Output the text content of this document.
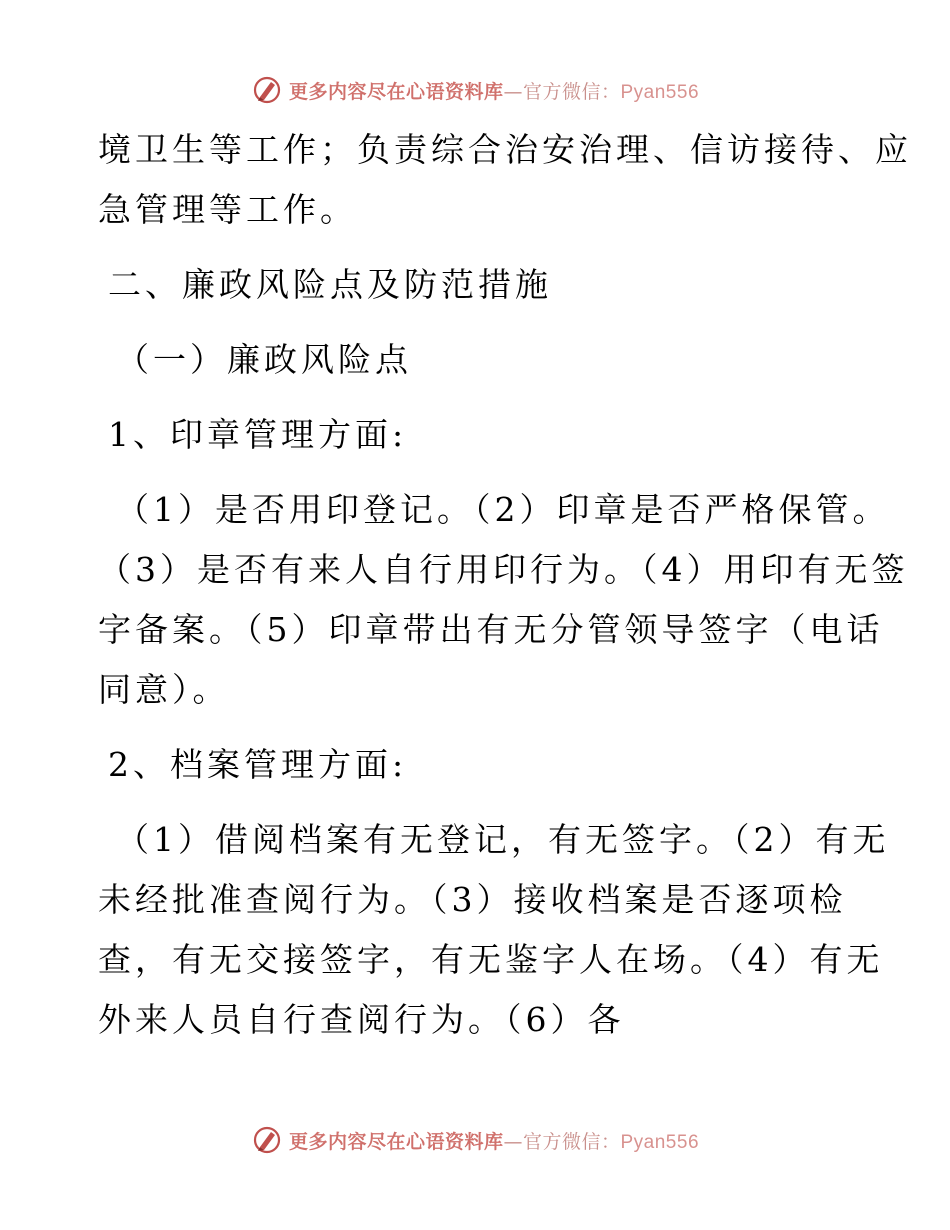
更多内容尽在心语资料库—官方微信：Pyan556
境卫生等工作；负责综合治安治理、信访接待、应
急管理等工作。
二、廉政风险点及防范措施
（一）廉政风险点
1、印章管理方面:
（1）是否用印登记。（2）印章是否严格保管。
（3）是否有来人自行用印行为。（4）用印有无签
字备案。（5）印章带出有无分管领导签字（电话
同意）。
2、档案管理方面:
（1）借阅档案有无登记，有无签字。（2）有无
未经批准查阅行为。（3）接收档案是否逐项检
查，有无交接签字，有无鉴字人在场。（4）有无
外来人员自行查阅行为。（6）各
更多内容尽在心语资料库—官方微信：Pyan556
